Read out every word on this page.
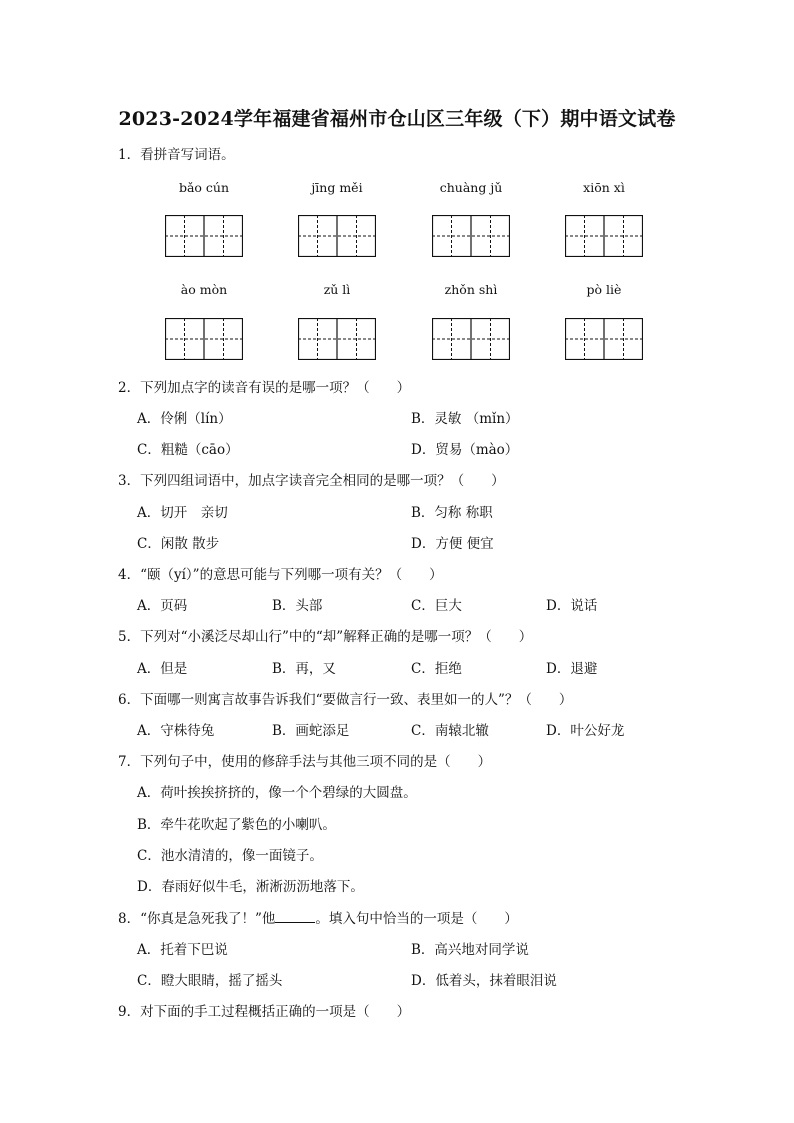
2023-2024学年福建省福州市仓山区三年级（下）期中语文试卷
1．看拼音写词语。
bǎo cún	jīng měi	chuàng jǔ	xiōn xì
ào mòn	zǔ lì	zhǒn shì	pò liè
2．下列加点字的读音有误的是哪一项？（　　）
A．伶俐（lín）	B．灵敏 （mǐn）
C．粗糙（cāo）	D．贸易（mào）
3．下列四组词语中，加点字读音完全相同的是哪一项？（　　）
A．切开　亲切	B．匀称 称职
C．闲散 散步	D．方便 便宜
4．“颐（yí）”的意思可能与下列哪一项有关？（　　）
A．页码	B．头部	C．巨大	D．说话
5．下列对“小溪泛尽却山行”中的“却”解释正确的是哪一项？（　　）
A．但是	B．再，又	C．拒绝	D．退避
6．下面哪一则寓言故事告诉我们“要做言行一致、表里如一的人”？（　　）
A．守株待兔	B．画蛇添足	C．南辕北辙	D．叶公好龙
7．下列句子中，使用的修辞手法与其他三项不同的是（　　）
A．荷叶挨挨挤挤的，像一个个碧绿的大圆盘。
B．牵牛花吹起了紫色的小喇叭。
C．池水清清的，像一面镜子。
D．春雨好似牛毛，淅淅沥沥地落下。
8．“你真是急死我了！”他	。填入句中恰当的一项是（　　）
A．托着下巴说	B．高兴地对同学说
C．瞪大眼睛，摇了摇头	D．低着头，抹着眼泪说
9．对下面的手工过程概括正确的一项是（　　）
